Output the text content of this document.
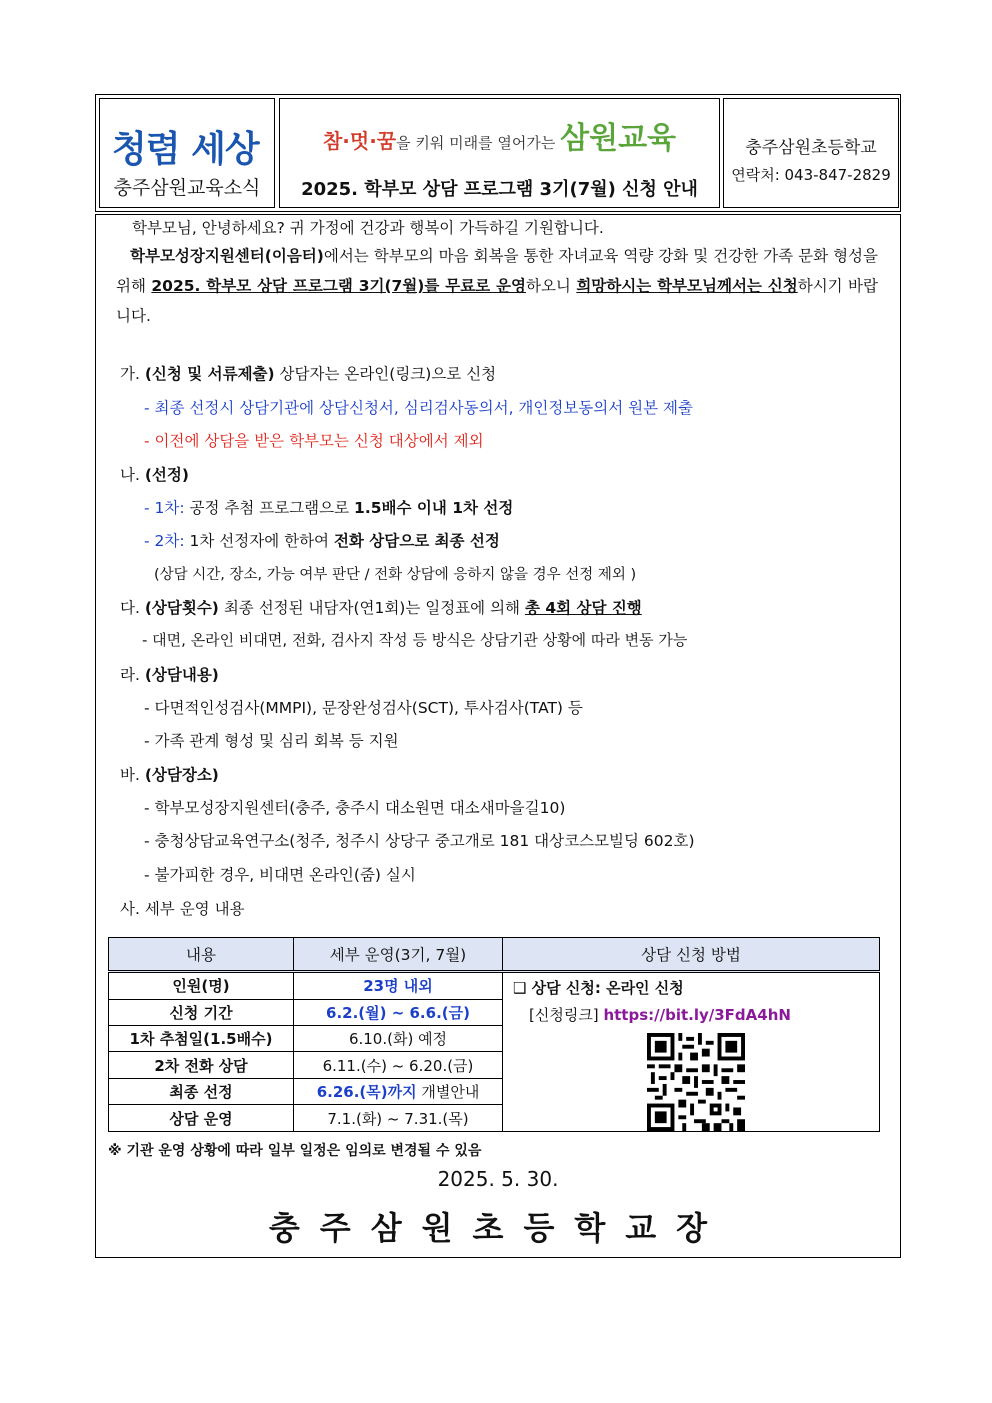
청렴 세상
충주삼원교육소식
참·멋·꿈을 키워 미래를 열어가는 삼원교육
2025. 학부모 상담 프로그램 3기(7월) 신청 안내
충주삼원초등학교
연락처: 043-847-2829
학부모님, 안녕하세요? 귀 가정에 건강과 행복이 가득하길 기원합니다.
학부모성장지원센터(이음터)에서는 학부모의 마음 회복을 통한 자녀교육 역량 강화 및 건강한 가족 문화 형성을 위해 2025. 학부모 상담 프로그램 3기(7월)를 무료로 운영하오니 희망하시는 학부모님께서는 신청하시기 바랍니다.
가. (신청 및 서류제출) 상담자는 온라인(링크)으로 신청
- 최종 선정시 상담기관에 상담신청서, 심리검사동의서, 개인정보동의서 원본 제출
- 이전에 상담을 받은 학부모는 신청 대상에서 제외
나. (선정)
- 1차: 공정 추첨 프로그램으로 1.5배수 이내 1차 선정
- 2차: 1차 선정자에 한하여 전화 상담으로 최종 선정
(상담 시간, 장소, 가능 여부 판단 / 전화 상담에 응하지 않을 경우 선정 제외 )
다. (상담횟수) 최종 선정된 내담자(연1회)는 일정표에 의해 총 4회 상담 진행
- 대면, 온라인 비대면, 전화, 검사지 작성 등 방식은 상담기관 상황에 따라 변동 가능
라. (상담내용)
- 다면적인성검사(MMPI), 문장완성검사(SCT), 투사검사(TAT) 등
- 가족 관계 형성 및 심리 회복 등 지원
바. (상담장소)
- 학부모성장지원센터(충주, 충주시 대소원면 대소새마을길10)
- 충청상담교육연구소(청주, 청주시 상당구 중고개로 181 대상코스모빌딩 602호)
- 불가피한 경우, 비대면 온라인(줌) 실시
사. 세부 운영 내용
내용	세부 운영(3기, 7월)	상담 신청 방법
인원(명)	23명 내외	❑ 상담 신청: 온라인 신청
[신청링크] https://bit.ly/3FdA4hN

신청 기간	6.2.(월) ~ 6.6.(금)	
1차 추첨일(1.5배수)	6.10.(화) 예정	
2차 전화 상담	6.11.(수) ~ 6.20.(금)	
최종 선정	6.26.(목)까지 개별안내	
상담 운영	7.1.(화) ~ 7.31.(목)	
※ 기관 운영 상황에 따라 일부 일정은 임의로 변경될 수 있음
2025. 5. 30.
충주삼원초등학교장
